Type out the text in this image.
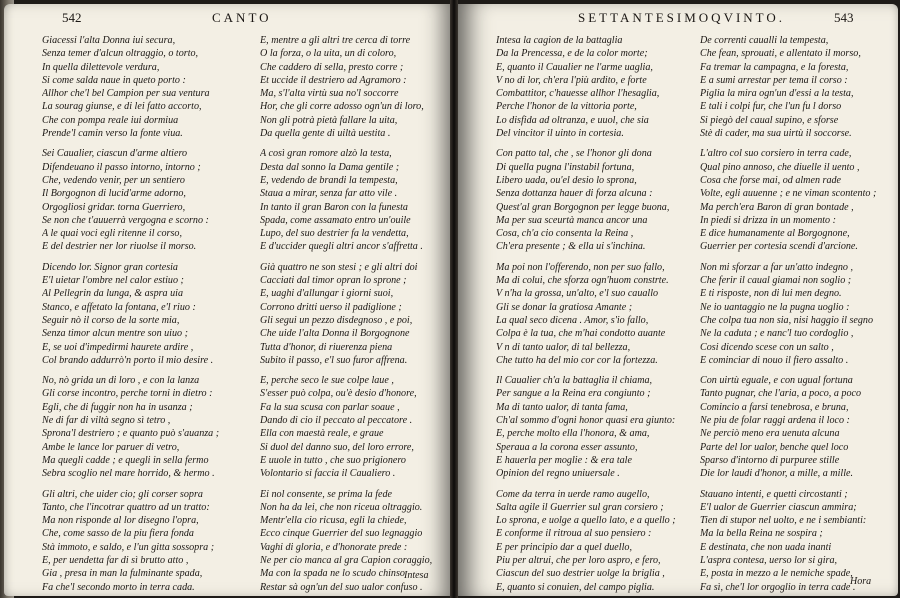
542	CANTO
Giacessi l'alta Donna iui secura,
Senza temer d'alcun oltraggio, o torto,
In quella dilettevole verdura,
Si come salda naue in queto porto :
Allhor che'l bel Campion per sua ventura
La sourag giunse, e di lei fatto accorto,
Che con pompa reale iui dormiua
Prende'l camin verso la fonte viua.
Sei Caualier, ciascun d'arme altiero
Difendeuano il passo intorno, intorno ;
Che, vedendo venir, per un sentiero
Il Borgognon di lucid'arme adorno,
Orgogliosi gridar. torna Guerriero,
Se non che t'auuerrà vergogna e scorno :
A le quai voci egli ritenne il corso,
E del destrier ner lor riuolse il morso.
Dicendo lor. Signor gran cortesia
E'l uietar l'ombre nel calor estiuo ;
Al Pellegrin da lunga, & aspra uia
Stanco, e affetato la fontana, e'l riuo :
Seguir nò il corso de la sorte mia,
Senza timor alcun mentre son uiuo ;
E, se uoi d'impedirmi haurete ardire ,
Col brando addurrò'n porto il mio desire .
No, nò grida un di loro , e con la lanza
Gli corse incontro, perche torni in dietro :
Egli, che di fuggir non ha in usanza ;
Ne di far di viltà segno sì tetro ,
Sprona'l destriero ; e quanto può s'auanza ;
Ambe le lance lor paruer di vetro,
Ma quegli cadde ; e quegli in sella fermo
Sebra scoglio nel mare horrido, & hermo .
Gli altri, che uider cio; gli corser sopra
Tanto, che l'incotrar quattro ad un tratto:
Ma non risponde al lor disegno l'opra,
Che, come sasso de la piu fiera fonda
Stà immoto, e saldo, e l'un gitta sossopra ;
E, per uendetta far di sì brutto atto ,
Gia , presa in man la fulminante spada,
Fa che'l secondo morto in terra cada.
E, mentre a gli altri tre cerca di torre
O la forza, o la uita, un di coloro,
Che caddero di sella, presto corre ;
Et uccide il destriero ad Agramoro :
Ma, s'l'alta virtù sua no'l soccorre
Hor, che gli corre adosso ogn'un di loro,
Non gli potrà pietà fallare la uita,
Da quella gente di uiltà uestita .
A così gran romore alzò la testa,
Desta dal sonno la Dama gentile ;
E, vedendo de brandi la tempesta,
Staua a mirar, senza far atto vile .
In tanto il gran Baron con la funesta
Spada, come assamato entro un'ouile
Lupo, del suo destrier fa la vendetta,
E d'uccider quegli altri ancor s'affretta .
Già quattro ne son stesi ; e gli altri doi
Cacciati dal timor opran lo sprone ;
E, uaghi d'allungar i giorni suoi,
Corrono dritti uerso il padiglione ;
Gli segui un pezzo disdegnoso , e poi,
Che uide l'alta Donna il Borgognone
Tutta d'honor, di riuerenza piena
Subito il passo, e'l suo furor affrena.
E, perche seco le sue colpe laue ,
S'esser può colpa, ou'è desio d'honore,
Fa la sua scusa con parlar soaue ,
Dando di cio il peccato al peccatore .
Ella con maestà reale, e graue
Si duol del danno suo, del loro errore,
E uuole in tutto , che suo prigionero
Volontario si faccia il Caualiero .
Ei nol consente, se prima la fede
Non ha da lei, che non riceua oltraggio.
Mentr'ella cio ricusa, egli la chiede,
Ecco cinque Guerrier del suo legnaggio
Vaghi di gloria, e d'honorate prede :
Ne per cio manca al gra Capion coraggio,
Ma con la spada ne lo scudo chinso
Restar sà ogn'un del suo ualor confuso .
Intesa
SETTANTESIMOQVINTO.	543
Intesa la cagion de la battaglia
Da la Prencessa, e de la color morte;
E, quanto il Caualier ne l'arme uaglia,
V no di lor, ch'era l'più ardito, e forte
Combattitor, c'hauesse allhor l'hesaglia,
Perche l'honor de la vittoria porte,
Lo disfida ad oltranza, e uuol, che sia
Del vincitor il uinto in cortesia.
Con patto tal, che , se l'honor gli dona
Di quella pugna l'instabil fortuna,
Libero uada, ou'el desio lo sprona,
Senza dottanza hauer di forza alcuna :
Quest'al gran Borgognon per legge buona,
Ma per sua sceurtà manca ancor una
Cosa, ch'a cio consenta la Reina ,
Ch'era presente ; & ella ui s'inchina.
Ma poi non l'offerendo, non per suo fallo,
Ma di colui, che sforza ogn'huom constrte.
V n'ha la grossa, un'alto, e'l suo cauallo
Gli se donar la gratiosa Amante ;
La qual seco dicena . Amor, s'io fallo,
Colpa è la tua, che m'hai condotto auante
V n di tanto ualor, di tal bellezza,
Che tutto ha del mio cor cor la fortezza.
Il Caualier ch'a la battaglia il chiama,
Per sangue a la Reina era congiunto ;
Ma di tanto ualor, di tanta fama,
Ch'al sommo d'ogni honor quasi era giunto:
E, perche molto ella l'honora, & ama,
Speraua a la corona esser assunto,
E hauerla per moglie : & era tale
Opinion del regno uniuersale .
Come da terra in uerde ramo augello,
Salta agile il Guerrier sul gran corsiero ;
Lo sprona, e uolge a quello lato, e a quello ;
E conforme il ritroua al suo pensiero :
E per principio dar a quel duello,
Piu per altrui, che per loro aspro, e fero,
Ciascun del suo destrier uolge la briglia ,
E, quanto si conuien, del campo piglia.
De correnti caualli la tempesta,
Che fean, sprouati, e allentato il morso,
Fa tremar la campagna, e la foresta,
E a sumi arrestar per tema il corso :
Piglia la mira ogn'un d'essi a la testa,
E tali i colpi fur, che l'un fu l dorso
Si piegò del caual supino, e sforse
Stè di cader, ma sua uirtù il soccorse.
L'altro col suo corsiero in terra cade,
Qual pino annoso, che diuelle il uento ,
Cosa che forse mai, od almen rade
Volte, egli auuenne ; e ne viman scontento ;
Ma perch'era Baron di gran bontade ,
In piedi si drizza in un momento :
E dice humanamente al Borgognone,
Guerrier per cortesia scendi d'arcione.
Non mi sforzar a far un'atto indegno ,
Che ferir il caual giamai non soglio ;
E ti risposte, non di lui men degno.
Ne io uantaggio ne la pugna uoglio :
Che colpa tua non sia, nisi haggio il segno
Ne la caduta ; e nanc'l tuo cordoglio ,
Cosi dicendo scese con un salto ,
E cominciar di nouo il fiero assalto .
Con uirtù eguale, e con ugual fortuna
Tanto pugnar, che l'aria, a poco, a poco
Comincio a farsi tenebrosa, e bruna,
Ne piu de folar raggi ardena il loco :
Ne perciò meno era uenuta alcuna
Parte del lor ualor, benche quel loco
Sparso d'intorno di purpuree stille
Die lor laudi d'honor, a mille, a mille.
Stauano intenti, e quetti circostanti ;
E'l ualor de Guerrier ciascun ammira;
Tien di stupor nel uolto, e ne i sembianti:
Ma la bella Reina ne sospira ;
E destinata, che non uada inanti
L'aspra contesa, uerso lor si gira,
E, posta in mezzo a le nemiche spade,
Fa sì, che'l lor orgoglio in terra cade .
Hora
